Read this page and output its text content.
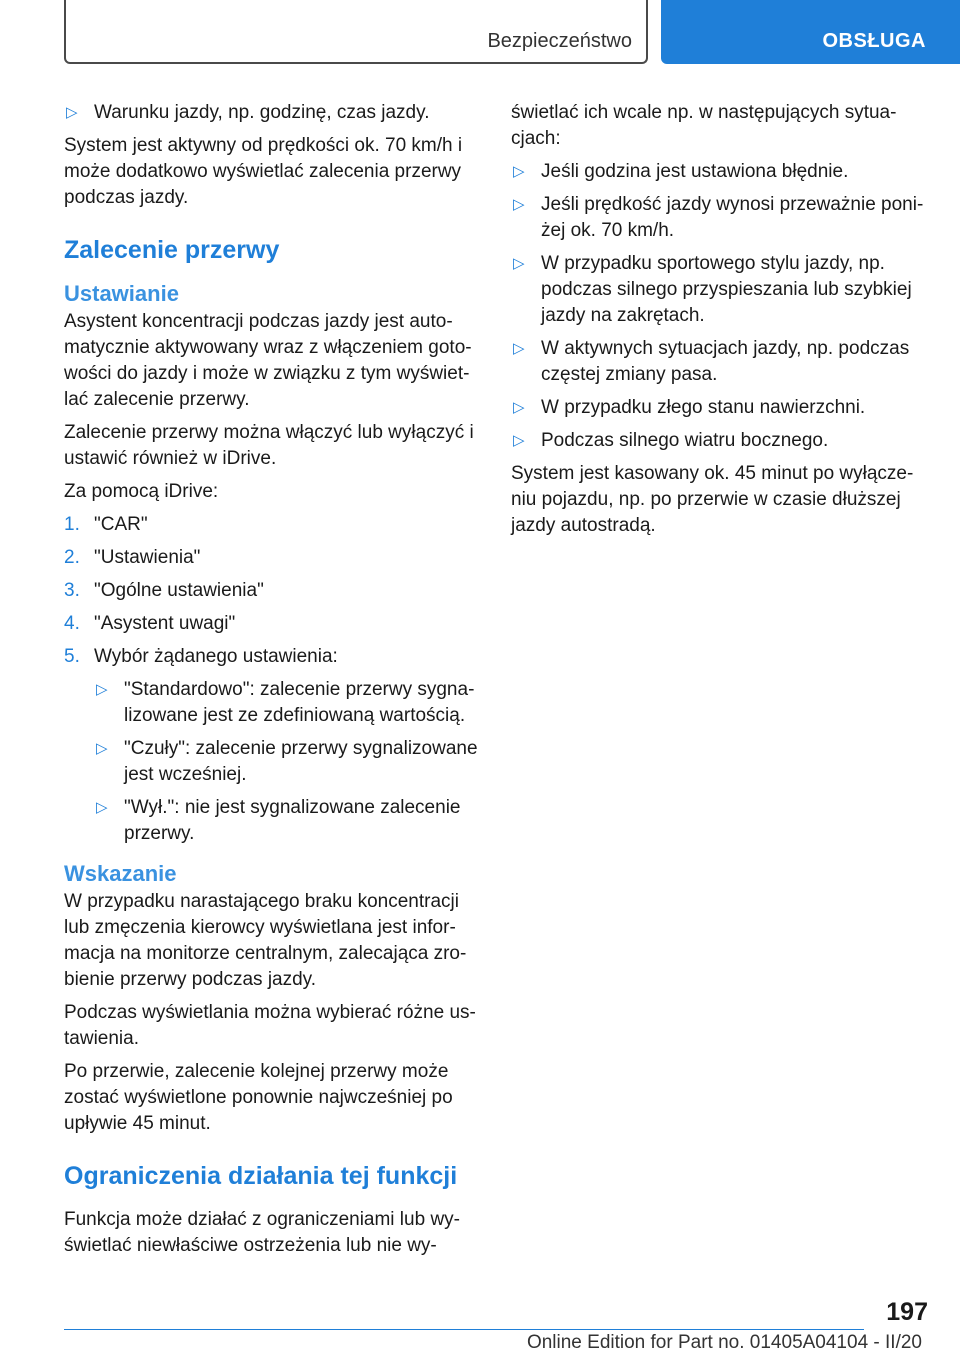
Bezpieczeństwo	OBSŁUGA
▷ Warunku jazdy, np. godzinę, czas jazdy.

System jest aktywny od prędkości ok. 70 km/h i może dodatkowo wyświetlać zalecenia przerwy podczas jazdy.

Zalecenie przerwy
Ustawianie

Asystent koncentracji podczas jazdy jest automatycznie aktywowany wraz z włączeniem gotowości do jazdy i może w związku z tym wyświetlać zalecenie przerwy.

Zalecenie przerwy można włączyć lub wyłączyć i ustawić również w iDrive.

Za pomocą iDrive:

1. "CAR"
2. "Ustawienia"
3. "Ogólne ustawienia"
4. "Asystent uwagi"
5. Wybór żądanego ustawienia:
▷ "Standardowo": zalecenie przerwy sygnalizowane jest ze zdefiniowaną wartością.
▷ "Czuły": zalecenie przerwy sygnalizowane jest wcześniej.
▷ "Wył.": nie jest sygnalizowane zalecenie przerwy.
Wskazanie

W przypadku narastającego braku koncentracji lub zmęczenia kierowcy wyświetlana jest informacja na monitorze centralnym, zalecająca zrobienie przerwy podczas jazdy.

Podczas wyświetlania można wybierać różne ustawienia.

Po przerwie, zalecenie kolejnej przerwy może zostać wyświetlone ponownie najwcześniej po upływie 45 minut.

Ograniczenia działania tej funkcji

Funkcja może działać z ograniczeniami lub wyświetlać niewłaściwe ostrzeżenia lub nie wy-

świetlać ich wcale np. w następujących sytuacjach:

▷ Jeśli godzina jest ustawiona błędnie.
▷ Jeśli prędkość jazdy wynosi przeważnie poniżej ok. 70 km/h.
▷ W przypadku sportowego stylu jazdy, np. podczas silnego przyspieszania lub szybkiej jazdy na zakrętach.
▷ W aktywnych sytuacjach jazdy, np. podczas częstej zmiany pasa.
▷ W przypadku złego stanu nawierzchni.
▷ Podczas silnego wiatru bocznego.

System jest kasowany ok. 45 minut po wyłączeniu pojazdu, np. po przerwie w czasie dłuższej jazdy autostradą.

197
Online Edition for Part no. 01405A04104 - II/20
